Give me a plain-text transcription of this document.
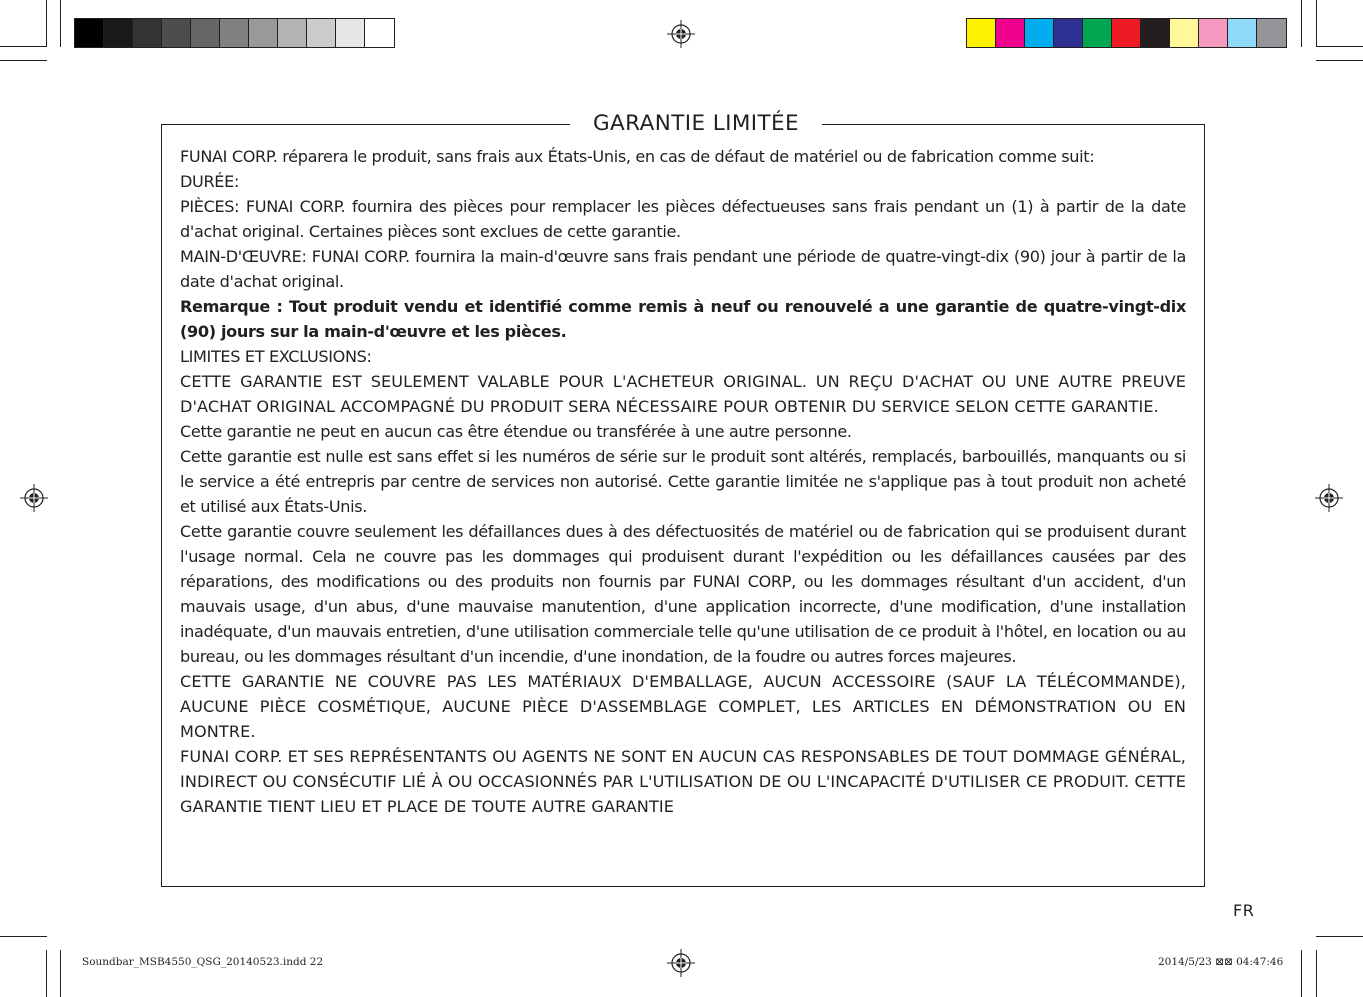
GARANTIE LIMITÉE

FUNAI CORP. réparera le produit, sans frais aux États-Unis, en cas de défaut de matériel ou de fabrication comme suit:

DURÉE:

PIÈCES: FUNAI CORP. fournira des pièces pour remplacer les pièces défectueuses sans frais pendant un (1) à partir de la date d'achat original. Certaines pièces sont exclues de cette garantie.

MAIN-D'ŒUVRE: FUNAI CORP. fournira la main-d'œuvre sans frais pendant une période de quatre-vingt-dix (90) jour à partir de la date d'achat original.

Remarque : Tout produit vendu et identifié comme remis à neuf ou renouvelé a une garantie de quatre-vingt-dix (90) jours sur la main-d'œuvre et les pièces.

LIMITES ET EXCLUSIONS:

CETTE GARANTIE EST SEULEMENT VALABLE POUR L'ACHETEUR ORIGINAL. UN REÇU D'ACHAT OU UNE AUTRE PREUVE D'ACHAT ORIGINAL ACCOMPAGNÉ DU PRODUIT SERA NÉCESSAIRE POUR OBTENIR DU SERVICE SELON CETTE GARANTIE.

Cette garantie ne peut en aucun cas être étendue ou transférée à une autre personne.

Cette garantie est nulle est sans effet si les numéros de série sur le produit sont altérés, remplacés, barbouillés, manquants ou si le service a été entrepris par centre de services non autorisé. Cette garantie limitée ne s'applique pas à tout produit non acheté et utilisé aux États-Unis.

Cette garantie couvre seulement les défaillances dues à des défectuosités de matériel ou de fabrication qui se produisent durant l'usage normal. Cela ne couvre pas les dommages qui produisent durant l'expédition ou les défaillances causées par des réparations, des modifications ou des produits non fournis par FUNAI CORP, ou les dommages résultant d'un accident, d'un mauvais usage, d'un abus, d'une mauvaise manutention, d'une application incorrecte, d'une modification, d'une installation inadéquate, d'un mauvais entretien, d'une utilisation commerciale telle qu'une utilisation de ce produit à l'hôtel, en location ou au bureau, ou les dommages résultant d'un incendie, d'une inondation, de la foudre ou autres forces majeures.

CETTE GARANTIE NE COUVRE PAS LES MATÉRIAUX D'EMBALLAGE, AUCUN ACCESSOIRE (SAUF LA TÉLÉCOMMANDE), AUCUNE PIÈCE COSMÉTIQUE, AUCUNE PIÈCE D'ASSEMBLAGE COMPLET, LES ARTICLES EN DÉMONSTRATION OU EN MONTRE.

FUNAI CORP. ET SES REPRÉSENTANTS OU AGENTS NE SONT EN AUCUN CAS RESPONSABLES DE TOUT DOMMAGE GÉNÉRAL, INDIRECT OU CONSÉCUTIF LIÉ À OU OCCASIONNÉS PAR L'UTILISATION DE OU L'INCAPACITÉ D'UTILISER CE PRODUIT. CETTE GARANTIE TIENT LIEU ET PLACE DE TOUTE AUTRE GARANTIE

FR
Soundbar_MSB4550_QSG_20140523.indd 22	2014/5/23 ⊠⊠ 04:47:46
